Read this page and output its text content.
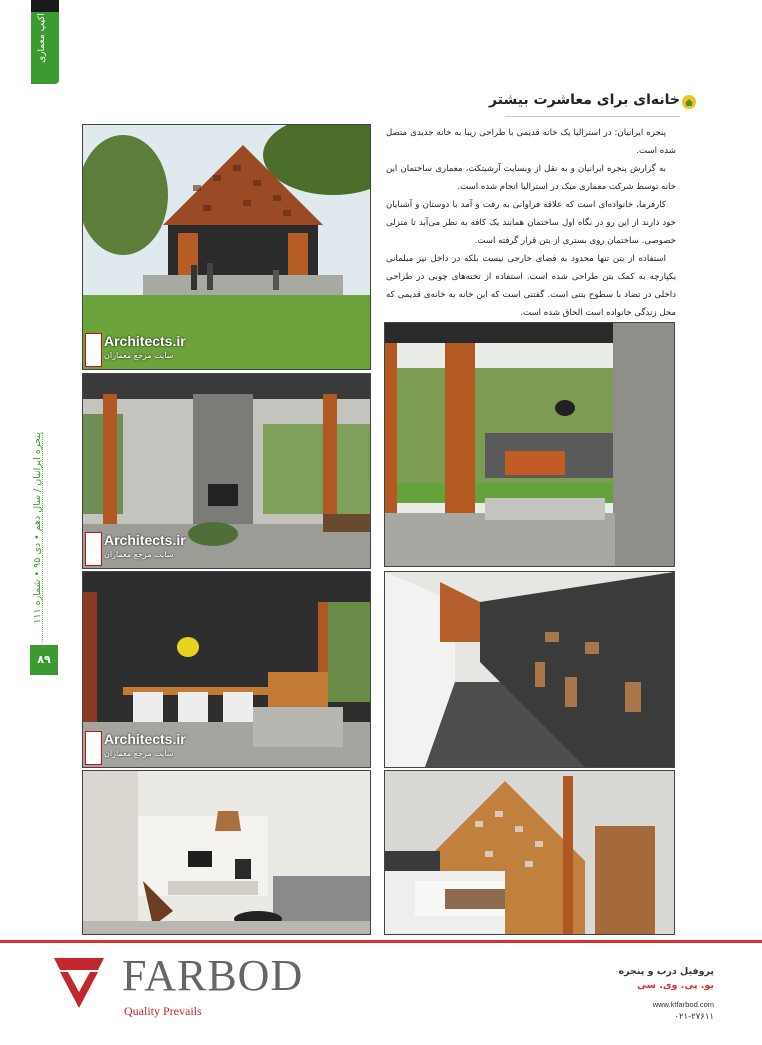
اکیپ معماری
پنجره ایرانیان / سال دهم • دی ۹۵ • شماره ۱۱۱
۸۹
خانه‌ای برای معاشرت بیشتر

پنجره ایرانیان: در استرالیا یک خانه قدیمی با طراحی زیبا به خانه جدیدی متصل شده است.

به گزارش پنجره ایرانیان و به نقل از وبسایت آرشیتکت، معماری ساختمان این خانه توسط شرکت معماری میک در استرالیا انجام شده است.

کارفرما، خانواده‌ای است که علاقه فراوانی به رفت و آمد با دوستان و آشنایان خود دارند از این رو در نگاه اول ساختمان همانند یک کافه به نظر می‌آید تا منزلی خصوصی. ساختمان روی بستری از بتن قرار گرفته است.

استفاده از بتن تنها محدود به فضای خارجی نیست بلکه در داخل نیز مبلمانی یکپارچه به کمک بتن طراحی شده است. استفاده از تخته‌های چوبی در طراحی داخلی در تضاد با سطوح بتنی است. گفتنی است که این خانه به خانه‌ی قدیمی که محل زندگی خانواده است الحاق شده است.

Architects.ir
سایت مرجع معماران
Architects.ir
سایت مرجع معماران
Architects.ir
سایت مرجع معماران
FARBOD
Quality Prevails
پروفیل درب و پنجره
یو. پی. وی. سی
www.ktfarbod.com
۰۲۱-۲۷۶۱۱
